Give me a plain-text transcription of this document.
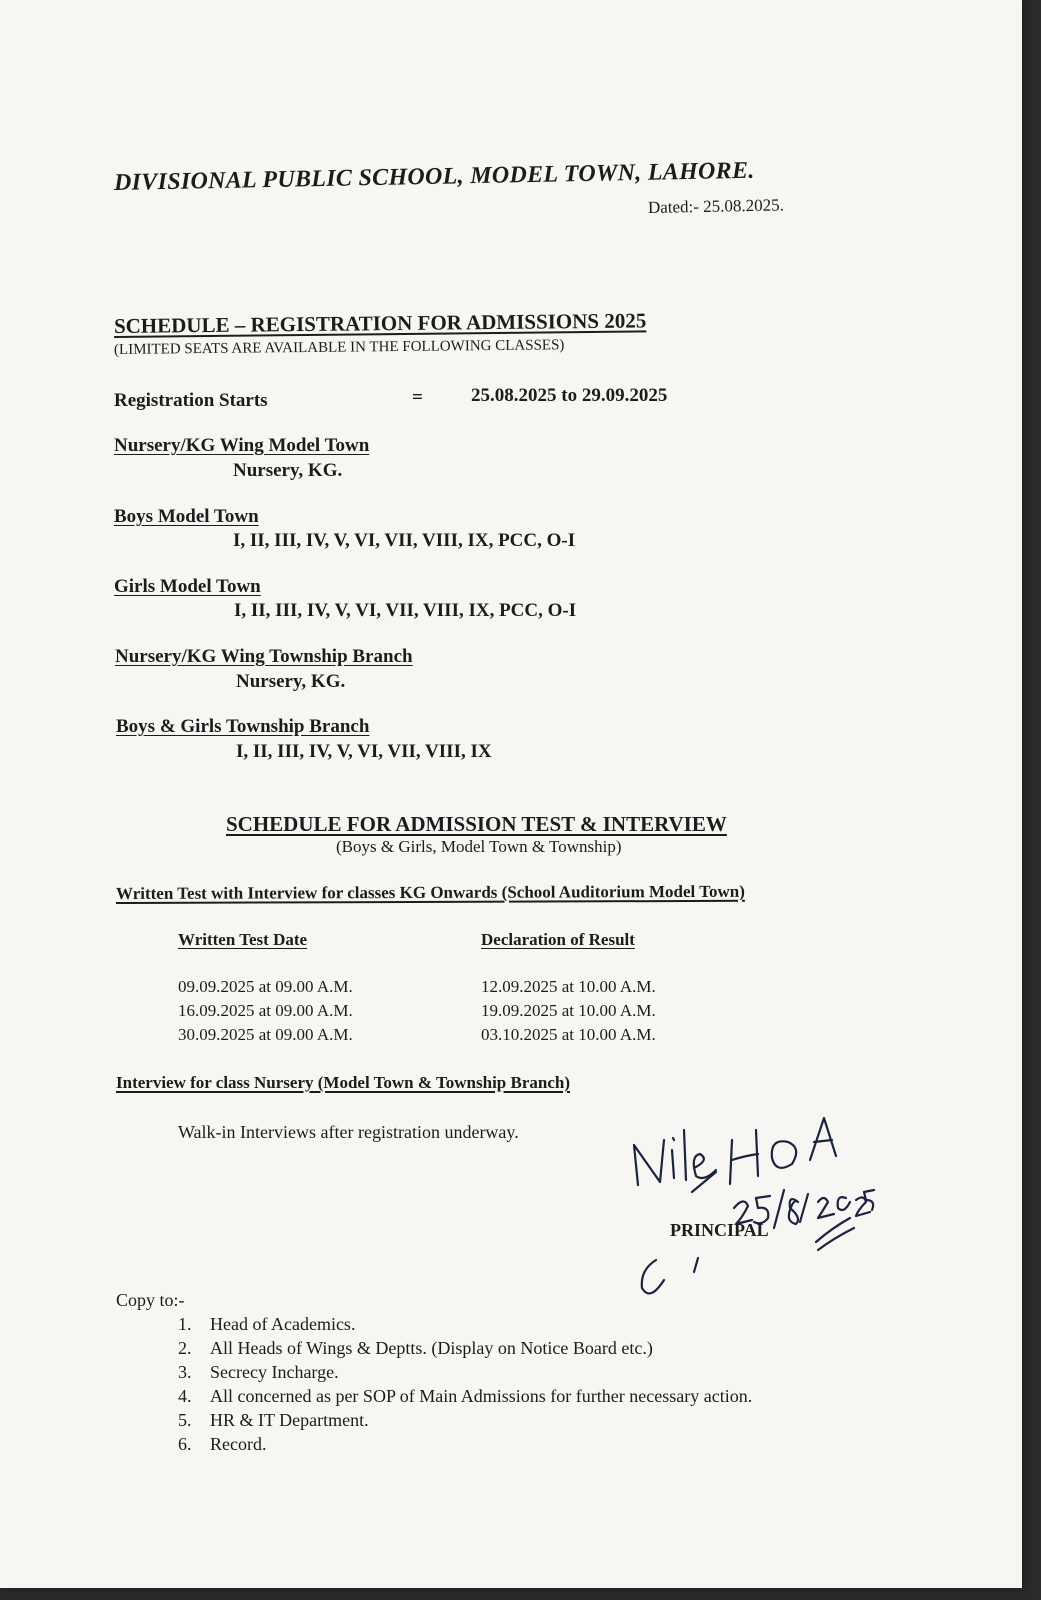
DIVISIONAL PUBLIC SCHOOL, MODEL TOWN, LAHORE.
Dated:- 25.08.2025.
SCHEDULE – REGISTRATION FOR ADMISSIONS 2025
(LIMITED SEATS ARE AVAILABLE IN THE FOLLOWING CLASSES)
Registration Starts	=	25.08.2025 to 29.09.2025
Nursery/KG Wing Model Town
Nursery, KG.
Boys Model Town
I, II, III, IV, V, VI, VII, VIII, IX, PCC, O-I
Girls Model Town
I, II, III, IV, V, VI, VII, VIII, IX, PCC, O-I
Nursery/KG Wing Township Branch
Nursery, KG.
Boys & Girls Township Branch
I, II, III, IV, V, VI, VII, VIII, IX
SCHEDULE FOR ADMISSION TEST & INTERVIEW
(Boys & Girls, Model Town & Township)
Written Test with Interview for classes KG Onwards (School Auditorium Model Town)
Written Test Date	Declaration of Result
09.09.2025 at 09.00 A.M.	12.09.2025 at 10.00 A.M.
16.09.2025 at 09.00 A.M.	19.09.2025 at 10.00 A.M.
30.09.2025 at 09.00 A.M.	03.10.2025 at 10.00 A.M.
Interview for class Nursery (Model Town & Township Branch)
Walk-in Interviews after registration underway.
PRINCIPAL
Copy to:-
1. Head of Academics.
2. All Heads of Wings & Deptts. (Display on Notice Board etc.)
3. Secrecy Incharge.
4. All concerned as per SOP of Main Admissions for further necessary action.
5. HR & IT Department.
6. Record.
